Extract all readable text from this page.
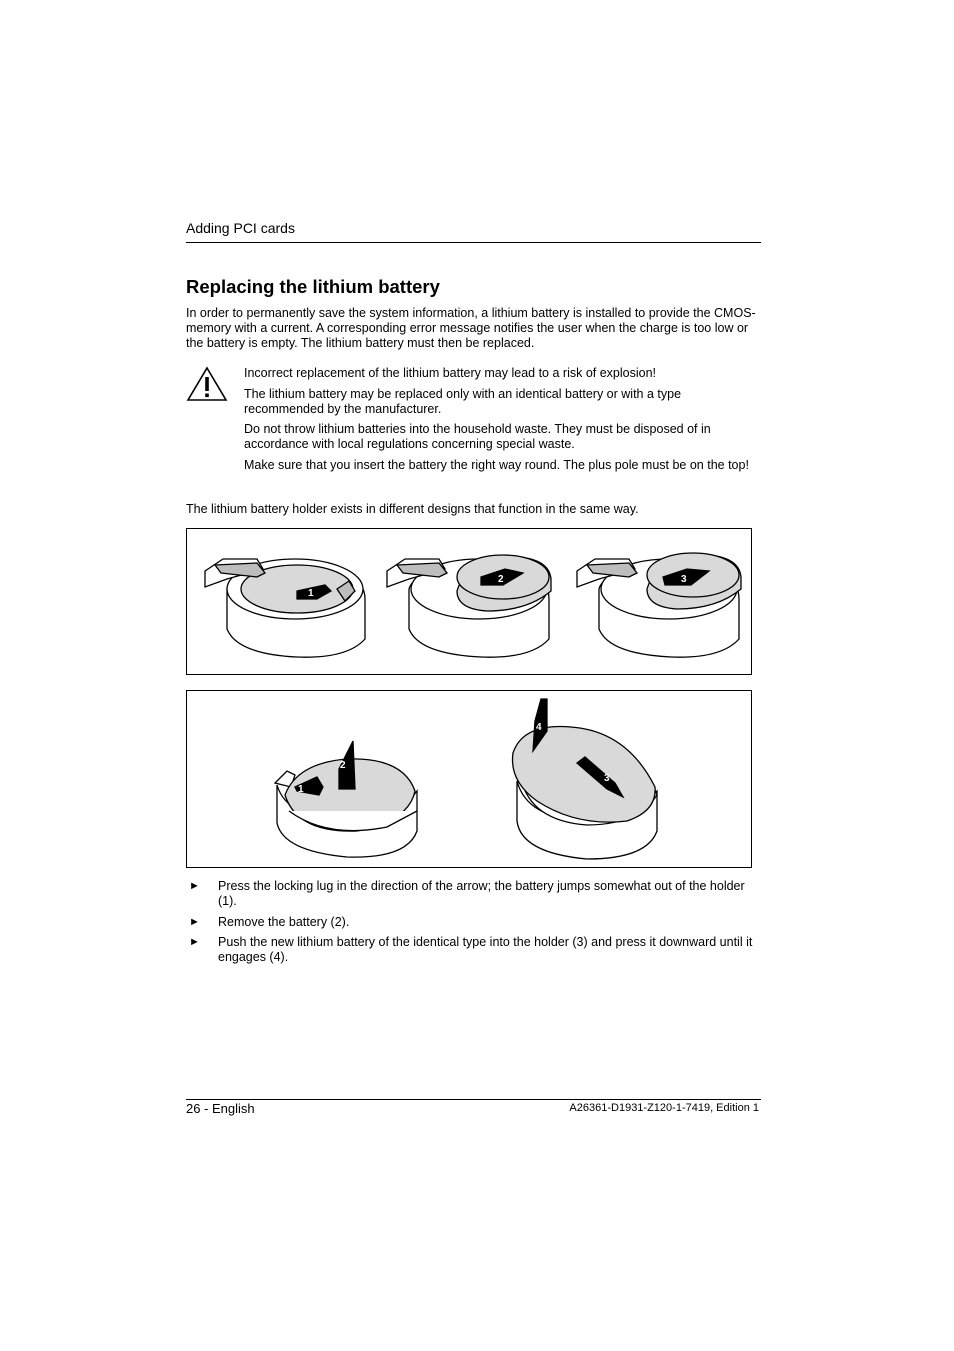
Adding PCI cards
Replacing the lithium battery
In order to permanently save the system information, a lithium battery is installed to provide the CMOS-memory with a current. A corresponding error message notifies the user when the charge is too low or the battery is empty. The lithium battery must then be replaced.
Incorrect replacement of the lithium battery may lead to a risk of explosion!
The lithium battery may be replaced only with an identical battery or with a type recommended by the manufacturer.
Do not throw lithium batteries into the household waste. They must be disposed of in accordance with local regulations concerning special waste.
Make sure that you insert the battery the right way round. The plus pole must be on the top!
The lithium battery holder exists in different designs that function in the same way.
1
2	3
2
1
4
3
► Press the locking lug in the direction of the arrow; the battery jumps somewhat out of the holder (1).
► Remove the battery (2).
► Push the new lithium battery of the identical type into the holder (3) and press it downward until it engages (4).
26 - English	A26361-D1931-Z120-1-7419, Edition 1
